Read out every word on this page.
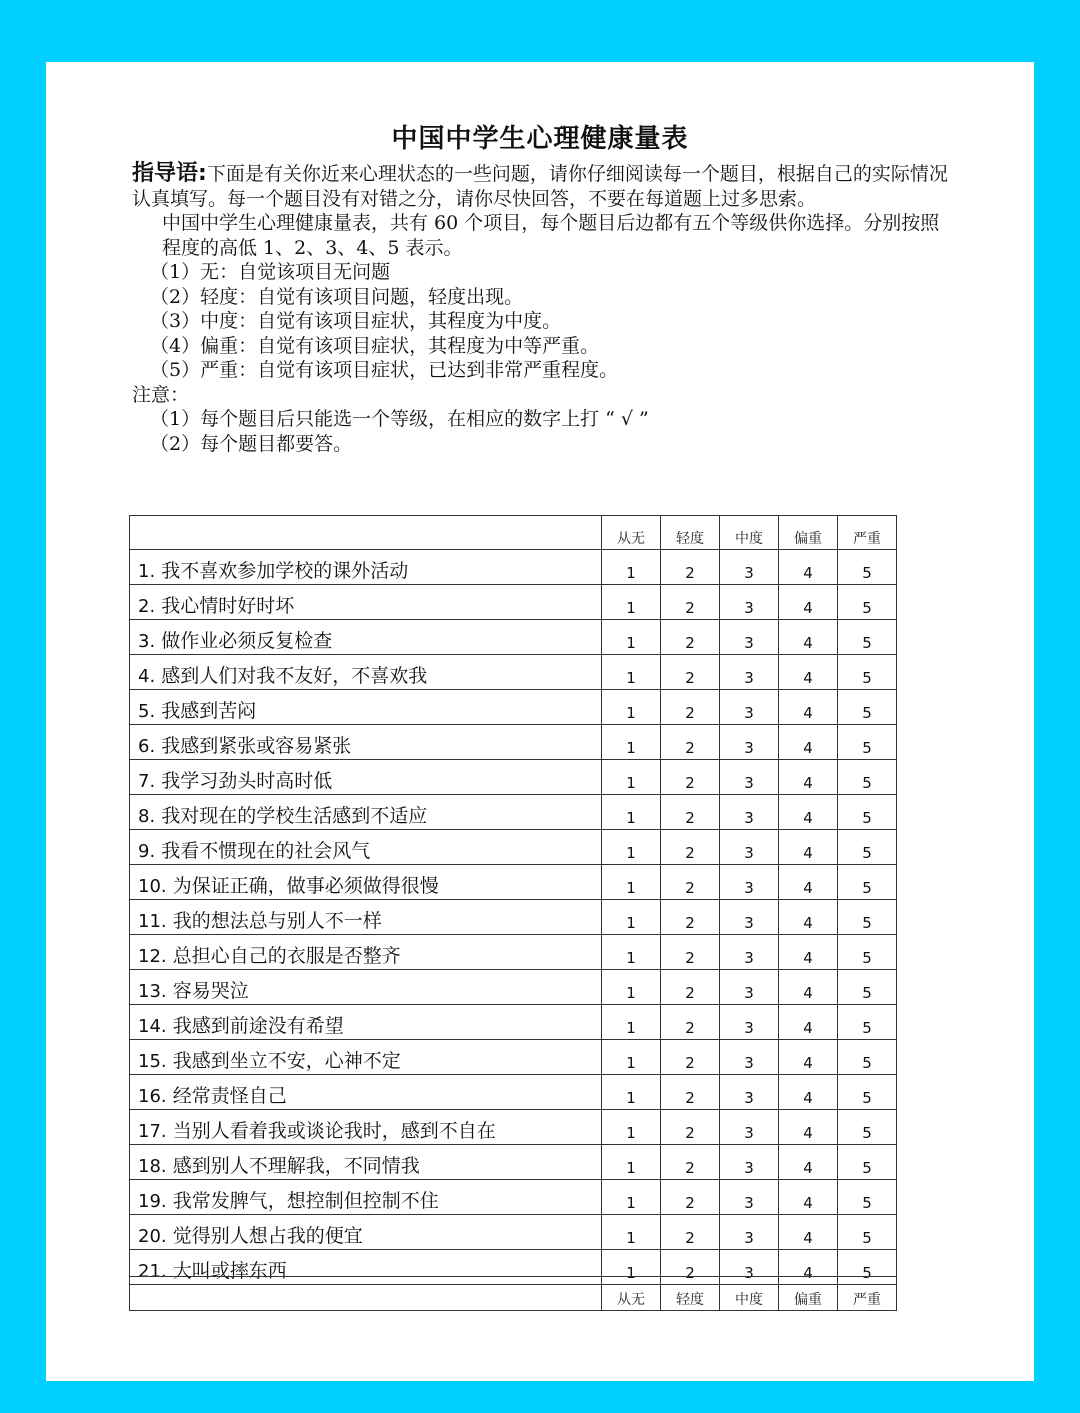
中国中学生心理健康量表

指导语:下面是有关你近来心理状态的一些问题，请你仔细阅读每一个题目，根据自己的实际情况认真填写。每一个题目没有对错之分，请你尽快回答，不要在每道题上过多思索。

中国中学生心理健康量表，共有 60 个项目，每个题目后边都有五个等级供你选择。分别按照程度的高低 1、2、3、4、5 表示。

（1）无：自觉该项目无问题

（2）轻度：自觉有该项目问题，轻度出现。

（3）中度：自觉有该项目症状，其程度为中度。

（4）偏重：自觉有该项目症状，其程度为中等严重。

（5）严重：自觉有该项目症状，已达到非常严重程度。

注意：

（1）每个题目后只能选一个等级，在相应的数字上打 “ √ ”

（2）每个题目都要答。

	从无	轻度	中度	偏重	严重
1. 我不喜欢参加学校的课外活动	1	2	3	4	5
2. 我心情时好时坏	1	2	3	4	5
3. 做作业必须反复检查	1	2	3	4	5
4. 感到人们对我不友好，不喜欢我	1	2	3	4	5
5. 我感到苦闷	1	2	3	4	5
6. 我感到紧张或容易紧张	1	2	3	4	5
7. 我学习劲头时高时低	1	2	3	4	5
8. 我对现在的学校生活感到不适应	1	2	3	4	5
9. 我看不惯现在的社会风气	1	2	3	4	5
10. 为保证正确，做事必须做得很慢	1	2	3	4	5
11. 我的想法总与别人不一样	1	2	3	4	5
12. 总担心自己的衣服是否整齐	1	2	3	4	5
13. 容易哭泣	1	2	3	4	5
14. 我感到前途没有希望	1	2	3	4	5
15. 我感到坐立不安，心神不定	1	2	3	4	5
16. 经常责怪自己	1	2	3	4	5
17. 当别人看着我或谈论我时，感到不自在	1	2	3	4	5
18. 感到别人不理解我，不同情我	1	2	3	4	5
19. 我常发脾气，想控制但控制不住	1	2	3	4	5
20. 觉得别人想占我的便宜	1	2	3	4	5
21. 大叫或摔东西	1	2	3	4	5
	从无	轻度	中度	偏重	严重
